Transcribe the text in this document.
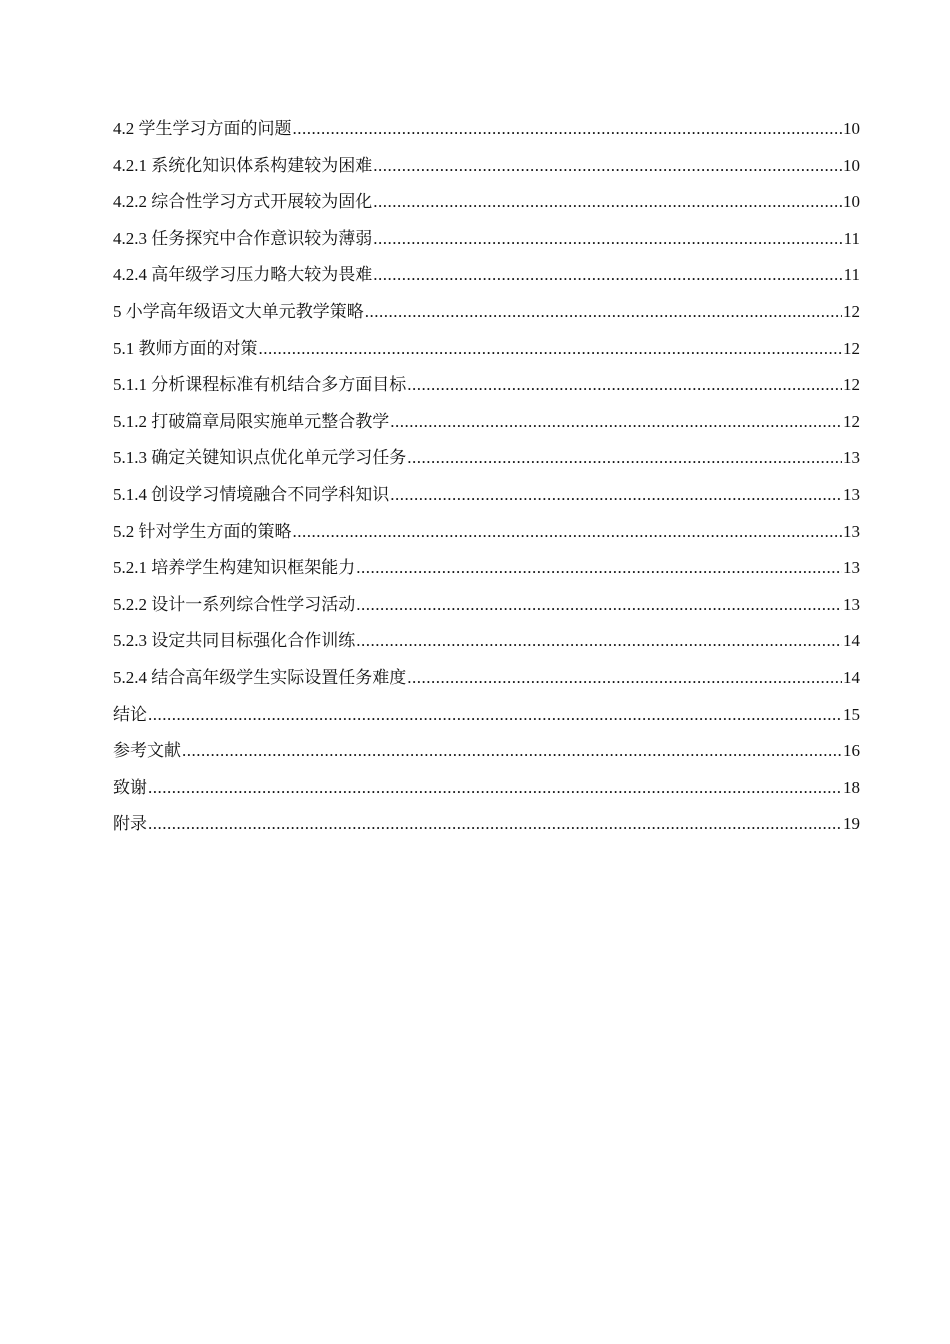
4.2 学生学习方面的问题 .....	10
4.2.1 系统化知识体系构建较为困难 .....	10
4.2.2 综合性学习方式开展较为固化 .....	10
4.2.3 任务探究中合作意识较为薄弱 .....	11
4.2.4 高年级学习压力略大较为畏难 .....	11
5 小学高年级语文大单元教学策略 .....	12
5.1 教师方面的对策 .....	12
5.1.1 分析课程标准有机结合多方面目标 .....	12
5.1.2 打破篇章局限实施单元整合教学 .....	12
5.1.3 确定关键知识点优化单元学习任务 .....	13
5.1.4 创设学习情境融合不同学科知识 .....	13
5.2 针对学生方面的策略 .....	13
5.2.1 培养学生构建知识框架能力 .....	13
5.2.2 设计一系列综合性学习活动 .....	13
5.2.3 设定共同目标强化合作训练 .....	14
5.2.4 结合高年级学生实际设置任务难度 .....	14
结论 .....	15
参考文献 .....	16
致谢 .....	18
附录 .....	19
